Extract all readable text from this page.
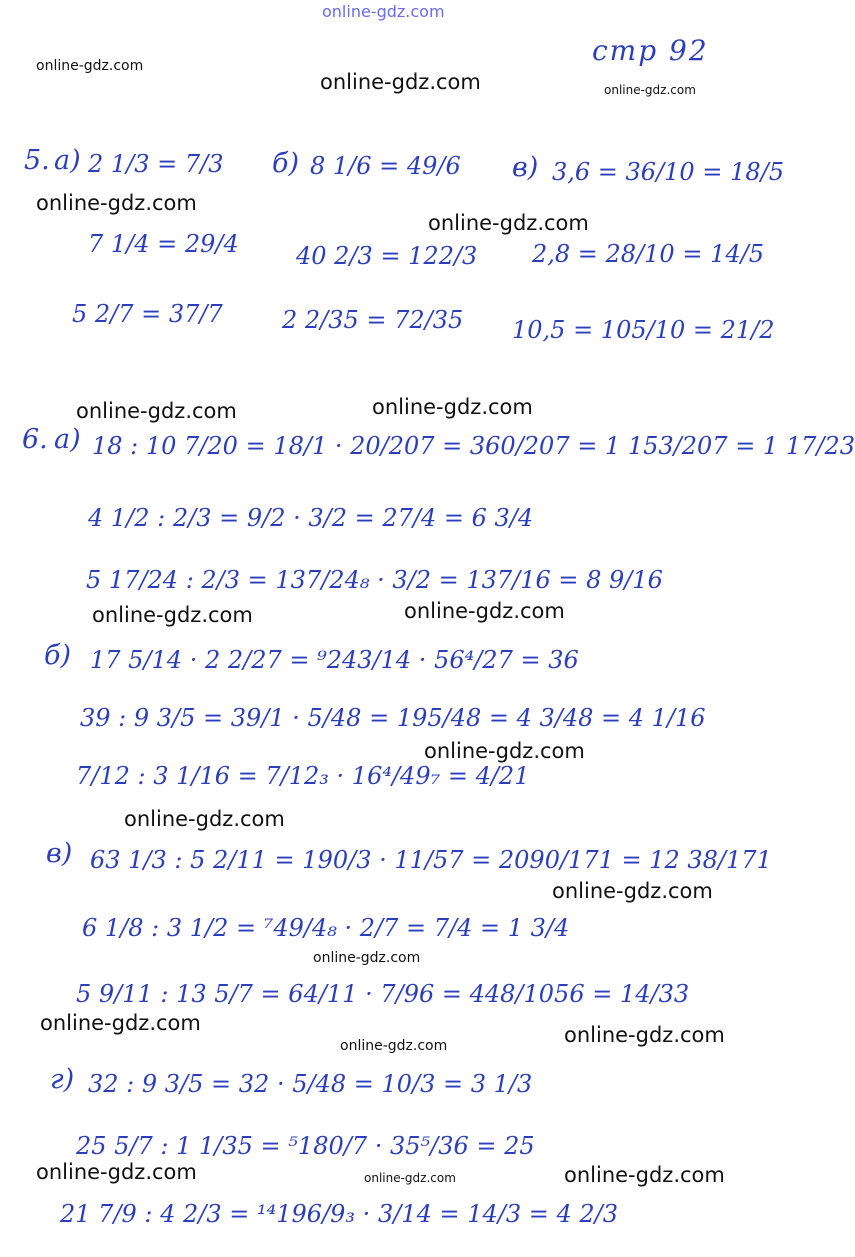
online-gdz.com
online-gdz.com
online-gdz.com	online-gdz.com
online-gdz.com
online-gdz.com
online-gdz.com	online-gdz.com
online-gdz.com	online-gdz.com
online-gdz.com
online-gdz.com
online-gdz.com
online-gdz.com
online-gdz.com
online-gdz.com	online-gdz.com
online-gdz.com	online-gdz.com	online-gdz.com
стр 92
5. а) 2 1/3 = 7/3
7 1/4 = 29/4
5 2/7 = 37/7
б) 8 1/6 = 49/6
40 2/3 = 122/3
2 2/35 = 72/35
в) 3,6 = 36/10 = 18/5
2,8 = 28/10 = 14/5
10,5 = 105/10 = 21/2
6. а) 18 : 10 7/20 = 18/1 · 20/207 = 360/207 = 1 153/207 = 1 17/23
4 1/2 : 2/3 = 9/2 · 3/2 = 27/4 = 6 3/4
5 17/24 : 2/3 = 137/24₈ · 3/2 = 137/16 = 8 9/16
б) 17 5/14 · 2 2/27 = ⁹243/14 · 56⁴/27 = 36
39 : 9 3/5 = 39/1 · 5/48 = 195/48 = 4 3/48 = 4 1/16
7/12 : 3 1/16 = 7/12₃ · 16⁴/49₇ = 4/21
в) 63 1/3 : 5 2/11 = 190/3 · 11/57 = 2090/171 = 12 38/171
6 1/8 : 3 1/2 = ⁷49/4₈ · 2/7 = 7/4 = 1 3/4
5 9/11 : 13 5/7 = 64/11 · 7/96 = 448/1056 = 14/33
г) 32 : 9 3/5 = 32 · 5/48 = 10/3 = 3 1/3
25 5/7 : 1 1/35 = ⁵180/7 · 35⁵/36 = 25
21 7/9 : 4 2/3 = ¹⁴196/9₃ · 3/14 = 14/3 = 4 2/3
